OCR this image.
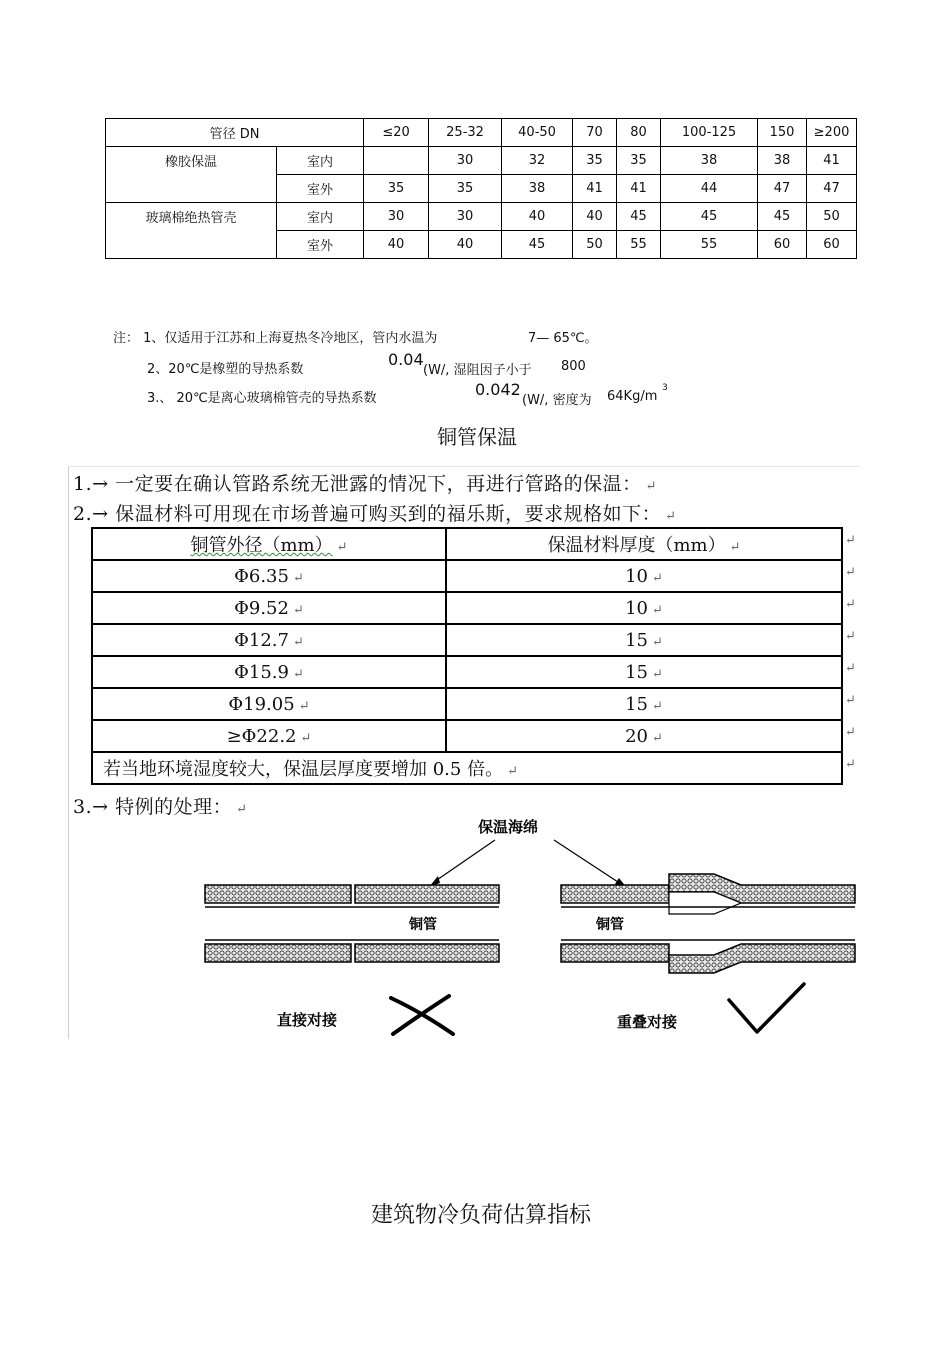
管径 DN		≤20	25-32	40-50	70	80	100-125	150	≥200
橡胶保温	室内		30	32	35	35	38	38	41
	室外	35	35	38	41	41	44	47	47
玻璃棉绝热管壳	室内	30	30	40	40	45	45	45	50
	室外	40	40	45	50	55	55	60	60
注： 1、仅适用于江苏和上海夏热冬冷地区，管内水温为	7— 65℃。
2、20℃是橡塑的导热系数
0.04
(W/, 湿阻因子小于 800
3.、 20℃是离心玻璃棉管壳的导热系数	0.042
(W/, 密度为 64Kg/m
3
铜管保温
1.→ 一定要在确认管路系统无泄露的情况下，再进行管路的保温： ↵
2.→ 保温材料可用现在市场普遍可购买到的福乐斯，要求规格如下： ↵
铜管外径（mm） ↵	保温材料厚度（mm） ↵
Φ6.35 ↵	10 ↵
Φ9.52 ↵	10 ↵
Φ12.7 ↵	15 ↵
Φ15.9 ↵	15 ↵
Φ19.05 ↵	15 ↵
≥Φ22.2 ↵	20 ↵
若当地环境湿度较大，保温层厚度要增加 0.5 倍。 ↵	
↵
↵
↵
↵
↵
↵
↵
↵
3.→ 特例的处理： ↵
保温海绵
铜管	铜管
直接对接	重叠对接
建筑物冷负荷估算指标
